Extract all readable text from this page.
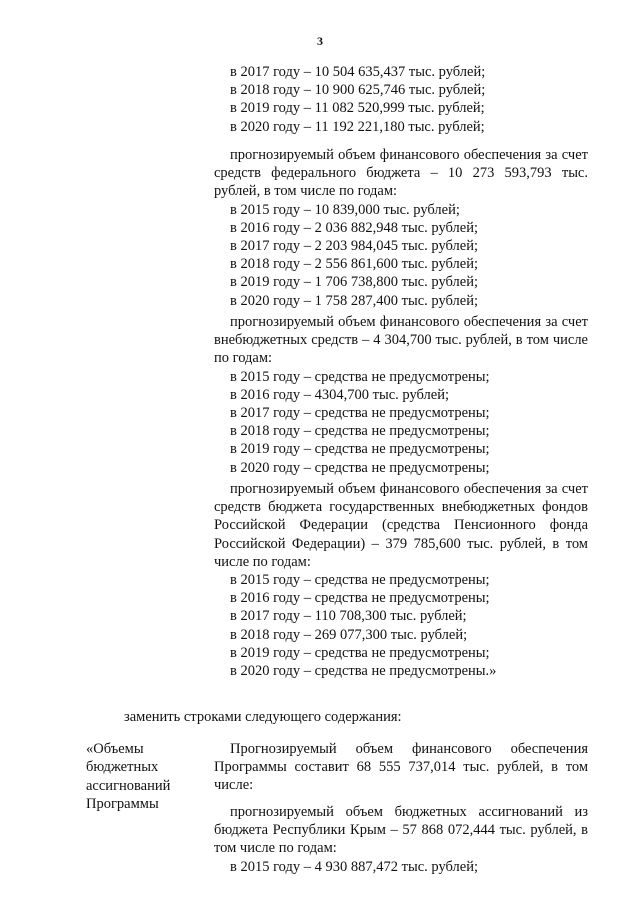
3
в 2017 году – 10 504 635,437 тыс. рублей;
в 2018 году – 10 900 625,746 тыс. рублей;
в 2019 году – 11 082 520,999 тыс. рублей;
в 2020 году – 11 192 221,180 тыс. рублей;
прогнозируемый объем финансового обеспечения за счет средств федерального бюджета – 10 273 593,793 тыс. рублей, в том числе по годам:
в 2015 году – 10 839,000 тыс. рублей;
в 2016 году – 2 036 882,948 тыс. рублей;
в 2017 году – 2 203 984,045 тыс. рублей;
в 2018 году – 2 556 861,600 тыс. рублей;
в 2019 году – 1 706 738,800 тыс. рублей;
в 2020 году – 1 758 287,400 тыс. рублей;
прогнозируемый объем финансового обеспечения за счет внебюджетных средств – 4 304,700 тыс. рублей, в том числе по годам:
в 2015 году – средства не предусмотрены;
в 2016 году – 4304,700 тыс. рублей;
в 2017 году – средства не предусмотрены;
в 2018 году – средства не предусмотрены;
в 2019 году – средства не предусмотрены;
в 2020 году – средства не предусмотрены;
прогнозируемый объем финансового обеспечения за счет средств бюджета государственных внебюджетных фондов Российской Федерации (средства Пенсионного фонда Российской Федерации) – 379 785,600 тыс. рублей, в том числе по годам:
в 2015 году – средства не предусмотрены;
в 2016 году – средства не предусмотрены;
в 2017 году – 110 708,300 тыс. рублей;
в 2018 году – 269 077,300 тыс. рублей;
в 2019 году – средства не предусмотрены;
в 2020 году – средства не предусмотрены.»
заменить строками следующего содержания:
«Объемы
бюджетных
ассигнований
Программы
Прогнозируемый объем финансового обеспечения Программы составит 68 555 737,014 тыс. рублей, в том числе:
прогнозируемый объем бюджетных ассигнований из бюджета Республики Крым – 57 868 072,444 тыс. рублей, в том числе по годам:
в 2015 году – 4 930 887,472 тыс. рублей;
